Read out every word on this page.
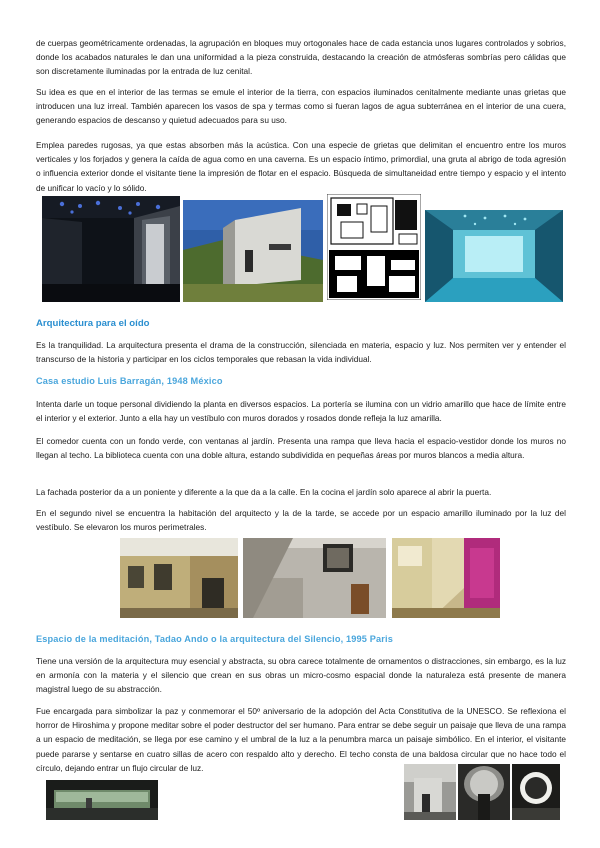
de cuerpas geométricamente ordenadas, la agrupación en bloques muy ortogonales hace de cada estancia unos lugares controlados y sobrios, donde los acabados naturales le dan una uniformidad a la pieza construida, destacando la creación de atmósferas sombrías pero cálidas que son discretamente iluminadas por la entrada de luz cenital.

Su idea es que en el interior de las termas se emule el interior de la tierra, con espacios iluminados cenitalmente mediante unas grietas que introducen una luz irreal. También aparecen los vasos de spa y termas como si fueran lagos de agua subterránea en el interior de una cuera, generando espacios de descanso y quietud adecuados para su uso.

Emplea paredes rugosas, ya que estas absorben más la acústica. Con una especie de grietas que delimitan el encuentro entre los muros verticales y los forjados y genera la caída de agua como en una caverna. Es un espacio íntimo, primordial, una gruta al abrigo de toda agresión o influencia exterior donde el visitante tiene la impresión de flotar en el espacio. Búsqueda de simultaneidad entre tiempo y espacio y el intento de unificar lo vacío y lo sólido.

Arquitectura para el oído

Es la tranquilidad. La arquitectura presenta el drama de la construcción, silenciada en materia, espacio y luz. Nos permiten ver y entender el transcurso de la historia y participar en los ciclos temporales que rebasan la vida individual.

Casa estudio Luis Barragán, 1948 México

Intenta darle un toque personal dividiendo la planta en diversos espacios. La portería se ilumina con un vidrio amarillo que hace de límite entre el interior y el exterior. Junto a ella hay un vestíbulo con muros dorados y rosados donde refleja la luz amarilla.

El comedor cuenta con un fondo verde, con ventanas al jardín. Presenta una rampa que lleva hacia el espacio-vestidor donde los muros no llegan al techo. La biblioteca cuenta con una doble altura, estando subdividida en pequeñas áreas por muros blancos a media altura.

La fachada posterior da a un poniente y diferente a la que da a la calle. En la cocina el jardín solo aparece al abrir la puerta.

En el segundo nivel se encuentra la habitación del arquitecto y la de la tarde, se accede por un espacio amarillo iluminado por la luz del vestíbulo. Se elevaron los muros perimetrales.

Espacio de la meditación, Tadao Ando o la arquitectura del Silencio, 1995 Paris

Tiene una versión de la arquitectura muy esencial y abstracta, su obra carece totalmente de ornamentos o distracciones, sin embargo, es la luz en armonía con la materia y el silencio que crean en sus obras un micro-cosmo espacial donde la naturaleza está presente de manera magistral luego de su abstracción.

Fue encargada para simbolizar la paz y conmemorar el 50º aniversario de la adopción del Acta Constitutiva de la UNESCO. Se reflexiona el horror de Hiroshima y propone meditar sobre el poder destructor del ser humano. Para entrar se debe seguir un paisaje que lleva de una rampa a un espacio de meditación, se llega por ese camino y el umbral de la luz a la penumbra marca un paisaje simbólico. En el interior, el visitante puede pararse y sentarse en cuatro sillas de acero con respaldo alto y derecho. El techo consta de una baldosa circular que no hace todo el círculo, dejando entrar un flujo circular de luz.
